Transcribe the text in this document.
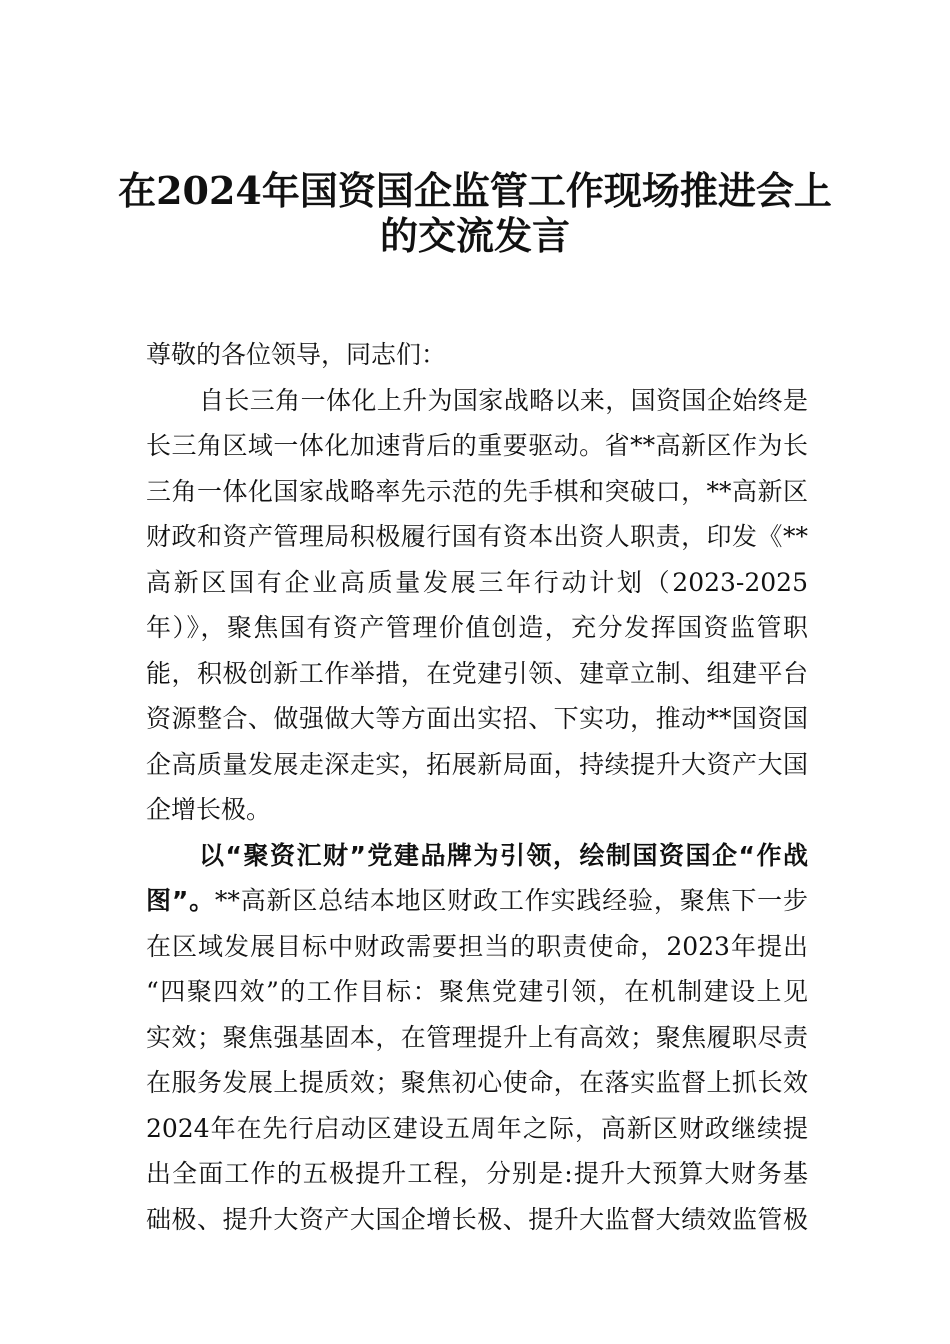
在2024年国资国企监管工作现场推进会上
的交流发言
尊敬的各位领导，同志们：
自长三角一体化上升为国家战略以来，国资国企始终是
长三角区域一体化加速背后的重要驱动。省**高新区作为长
三角一体化国家战略率先示范的先手棋和突破口，**高新区
财政和资产管理局积极履行国有资本出资人职责，印发《**
高新区国有企业高质量发展三年行动计划（2023-2025
年）》，聚焦国有资产管理价值创造，充分发挥国资监管职
能，积极创新工作举措，在党建引领、建章立制、组建平台
资源整合、做强做大等方面出实招、下实功，推动**国资国
企高质量发展走深走实，拓展新局面，持续提升大资产大国
企增长极。
以“聚资汇财”党建品牌为引领，绘制国资国企“作战
图”。**高新区总结本地区财政工作实践经验，聚焦下一步
在区域发展目标中财政需要担当的职责使命，2023年提出
“四聚四效”的工作目标：聚焦党建引领，在机制建设上见
实效；聚焦强基固本，在管理提升上有高效；聚焦履职尽责
在服务发展上提质效；聚焦初心使命，在落实监督上抓长效
2024年在先行启动区建设五周年之际，高新区财政继续提
出全面工作的五极提升工程，分别是:提升大预算大财务基
础极、提升大资产大国企增长极、提升大监督大绩效监管极
